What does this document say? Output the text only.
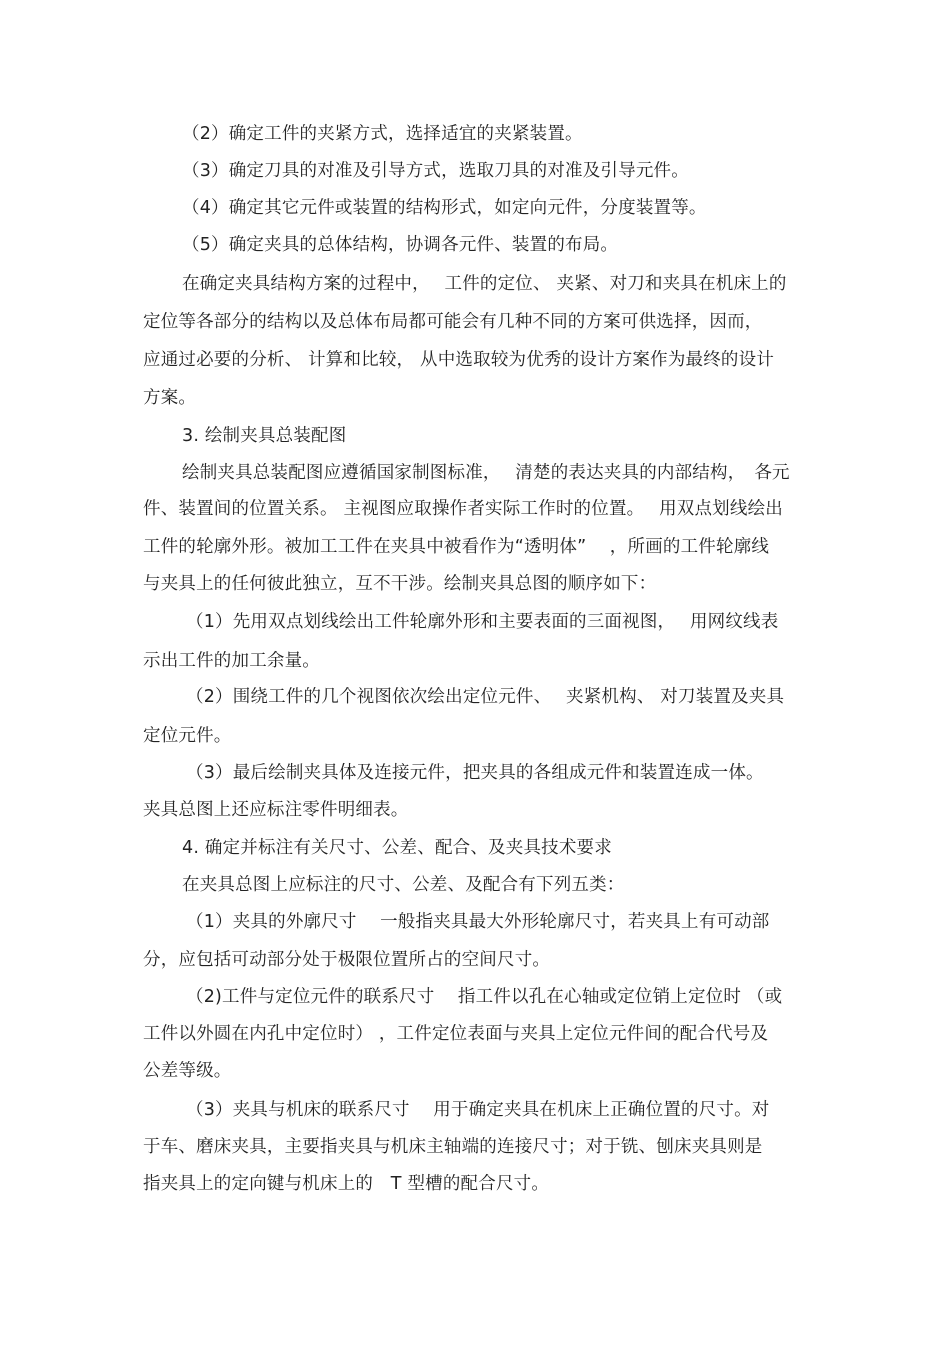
（2）确定工件的夹紧方式，选择适宜的夹紧装置。
（3）确定刀具的对准及引导方式，选取刀具的对准及引导元件。
（4）确定其它元件或装置的结构形式，如定向元件，分度装置等。
（5）确定夹具的总体结构，协调各元件、装置的布局。
在确定夹具结构方案的过程中，　 工件的定位、 夹紧、对刀和夹具在机床上的
定位等各部分的结构以及总体布局都可能会有几种不同的方案可供选择，因而，
应通过必要的分析、 计算和比较， 从中选取较为优秀的设计方案作为最终的设计
方案。
3. 绘制夹具总装配图
绘制夹具总装配图应遵循国家制图标准，　 清楚的表达夹具的内部结构，　各元
件、装置间的位置关系。 主视图应取操作者实际工作时的位置。　 用双点划线绘出
工件的轮廓外形。被加工工件在夹具中被看作为“透明体”　 ，所画的工件轮廓线
与夹具上的任何彼此独立，互不干涉。绘制夹具总图的顺序如下：
（1）先用双点划线绘出工件轮廓外形和主要表面的三面视图，　 用网纹线表
示出工件的加工余量。
（2）围绕工件的几个视图依次绘出定位元件、　 夹紧机构、 对刀装置及夹具
定位元件。
（3）最后绘制夹具体及连接元件，把夹具的各组成元件和装置连成一体。
夹具总图上还应标注零件明细表。
4. 确定并标注有关尺寸、公差、配合、及夹具技术要求
在夹具总图上应标注的尺寸、公差、及配合有下列五类：
（1）夹具的外廓尺寸　 一般指夹具最大外形轮廓尺寸，若夹具上有可动部
分，应包括可动部分处于极限位置所占的空间尺寸。
（2)工件与定位元件的联系尺寸　 指工件以孔在心轴或定位销上定位时 （或
工件以外圆在内孔中定位时） ，工件定位表面与夹具上定位元件间的配合代号及
公差等级。
（3）夹具与机床的联系尺寸　 用于确定夹具在机床上正确位置的尺寸。对
于车、磨床夹具，主要指夹具与机床主轴端的连接尺寸；对于铣、刨床夹具则是
指夹具上的定向键与机床上的　T 型槽的配合尺寸。
